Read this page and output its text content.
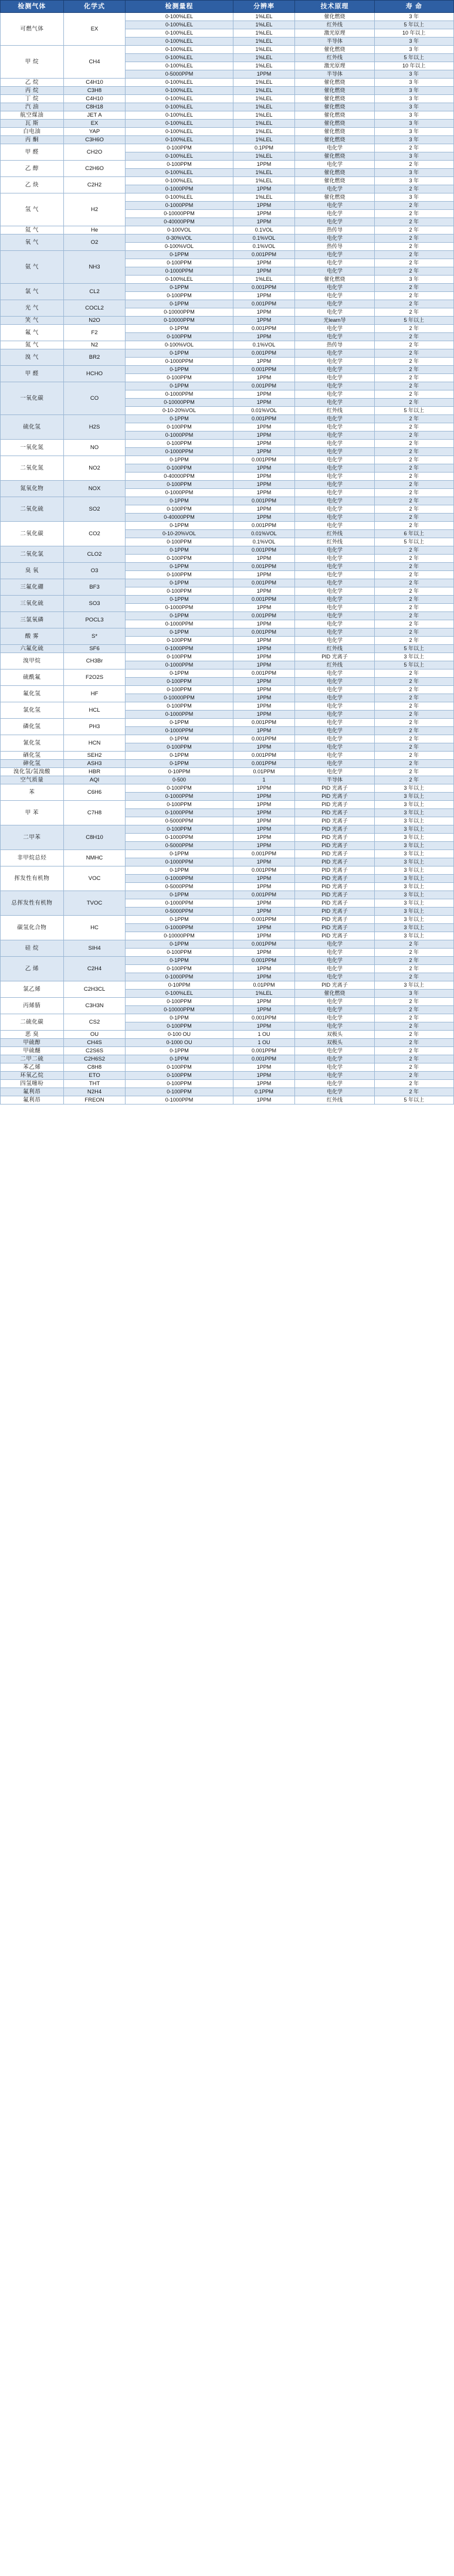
检测气体	化学式	检测量程	分辨率	技术原理	寿 命
可燃气体	EX	0-100%LEL	1%LEL	催化燃烧	3 年
		0-100%LEL	1%LEL	红外线	5 年以上
		0-100%LEL	1%LEL	激光原理	10 年以上
		0-100%LEL	1%LEL	半导体	3 年
甲 烷	CH4	0-100%LEL	1%LEL	催化燃烧	3 年
		0-100%LEL	1%LEL	红外线	5 年以上
		0-100%LEL	1%LEL	激光原理	10 年以上
		0-5000PPM	1PPM	半导体	3 年
乙 烷	C4H10	0-100%LEL	1%LEL	催化燃烧	3 年
丙 烷	C3H8	0-100%LEL	1%LEL	催化燃烧	3 年
丁 烷	C4H10	0-100%LEL	1%LEL	催化燃烧	3 年
汽 油	C8H18	0-100%LEL	1%LEL	催化燃烧	3 年
航空煤油	JET A	0-100%LEL	1%LEL	催化燃烧	3 年
瓦 斯	EX	0-100%LEL	1%LEL	催化燃烧	3 年
白电油	YAP	0-100%LEL	1%LEL	催化燃烧	3 年
丙 酮	C3H6O	0-100%LEL	1%LEL	催化燃烧	3 年
甲 醛	CH2O	0-100PPM	0.1PPM	电化学	2 年
		0-100%LEL	1%LEL	催化燃烧	3 年
乙 醇	C2H6O	0-100PPM	1PPM	电化学	2 年
		0-100%LEL	1%LEL	催化燃烧	3 年
乙 炔	C2H2	0-100%LEL	1%LEL	催化燃烧	3 年
		0-1000PPM	1PPM	电化学	2 年
氢 气	H2	0-100%LEL	1%LEL	催化燃烧	3 年
		0-1000PPM	1PPM	电化学	2 年
		0-10000PPM	1PPM	电化学	2 年
		0-40000PPM	1PPM	电化学	2 年
氦 气	He	0-100VOL	0.1VOL	热传导	2 年
氧 气	O2	0-30%VOL	0.1%VOL	电化学	2 年
		0-100%VOL	0.1%VOL	热传导	2 年
氨 气	NH3	0-1PPM	0.001PPM	电化学	2 年
		0-100PPM	1PPM	电化学	2 年
		0-1000PPM	1PPM	电化学	2 年
		0-100%LEL	1%LEL	催化燃烧	3 年
氯 气	CL2	0-1PPM	0.001PPM	电化学	2 年
		0-100PPM	1PPM	电化学	2 年
光 气	COCL2	0-1PPM	0.001PPM	电化学	2 年
		0-10000PPM	1PPM	电化学	2 年
笑 气	N2O	0-10000PPM	1PPM	光learn导	5 年以上
氟 气	F2	0-1PPM	0.001PPM	电化学	2 年
		0-100PPM	1PPM	电化学	2 年
氮 气	N2	0-100%VOL	0.1%VOL	热传导	2 年
溴 气	BR2	0-1PPM	0.001PPM	电化学	2 年
		0-1000PPM	1PPM	电化学	2 年
甲 醛	HCHO	0-1PPM	0.001PPM	电化学	2 年
		0-100PPM	1PPM	电化学	2 年
一氧化碳	CO	0-1PPM	0.001PPM	电化学	2 年
		0-1000PPM	1PPM	电化学	2 年
		0-10000PPM	1PPM	电化学	2 年
		0-10-20%VOL	0.01%VOL	红外线	5 年以上
硫化氢	H2S	0-1PPM	0.001PPM	电化学	2 年
		0-100PPM	1PPM	电化学	2 年
		0-1000PPM	1PPM	电化学	2 年
一氧化氮	NO	0-100PPM	1PPM	电化学	2 年
		0-1000PPM	1PPM	电化学	2 年
二氧化氮	NO2	0-1PPM	0.001PPM	电化学	2 年
		0-100PPM	1PPM	电化学	2 年
		0-40000PPM	1PPM	电化学	2 年
氮氧化物	NOX	0-100PPM	1PPM	电化学	2 年
		0-1000PPM	1PPM	电化学	2 年
二氧化硫	SO2	0-1PPM	0.001PPM	电化学	2 年
		0-100PPM	1PPM	电化学	2 年
		0-40000PPM	1PPM	电化学	2 年
二氧化碳	CO2	0-1PPM	0.001PPM	电化学	2 年
		0-10-20%VOL	0.01%VOL	红外线	6 年以上
		0-100PPM	0.1%VOL	红外线	5 年以上
二氧化氯	CLO2	0-1PPM	0.001PPM	电化学	2 年
		0-100PPM	1PPM	电化学	2 年
臭 氧	O3	0-1PPM	0.001PPM	电化学	2 年
		0-100PPM	1PPM	电化学	2 年
三氟化硼	BF3	0-1PPM	0.001PPM	电化学	2 年
		0-100PPM	1PPM	电化学	2 年
三氧化硫	SO3	0-1PPM	0.001PPM	电化学	2 年
		0-1000PPM	1PPM	电化学	2 年
三氯氧磷	POCL3	0-1PPM	0.001PPM	电化学	2 年
		0-1000PPM	1PPM	电化学	2 年
酸 雾	S*	0-1PPM	0.001PPM	电化学	2 年
		0-100PPM	1PPM	电化学	2 年
六氟化硫	SF6	0-1000PPM	1PPM	红外线	5 年以上
溴甲烷	CH3Br	0-100PPM	1PPM	PID 光离子	3 年以上
		0-1000PPM	1PPM	红外线	5 年以上
硫酰氟	F2O2S	0-1PPM	0.001PPM	电化学	2 年
		0-100PPM	1PPM	电化学	2 年
氟化氢	HF	0-100PPM	1PPM	电化学	2 年
		0-10000PPM	1PPM	电化学	2 年
氯化氢	HCL	0-100PPM	1PPM	电化学	2 年
		0-1000PPM	1PPM	电化学	2 年
磷化氢	PH3	0-1PPM	0.001PPM	电化学	2 年
		0-1000PPM	1PPM	电化学	2 年
氰化氢	HCN	0-1PPM	0.001PPM	电化学	2 年
		0-100PPM	1PPM	电化学	2 年
硒化氢	SEH2	0-1PPM	0.001PPM	电化学	2 年
砷化氢	ASH3	0-1PPM	0.001PPM	电化学	2 年
溴化氢/氢溴酸	HBR	0-10PPM	0.01PPM	电化学	2 年
空气质量	AQI	0-500	1	半导体	2 年
苯	C6H6	0-100PPM	1PPM	PID 光离子	3 年以上
		0-1000PPM	1PPM	PID 光离子	3 年以上
甲 苯	C7H8	0-100PPM	1PPM	PID 光离子	3 年以上
		0-1000PPM	1PPM	PID 光离子	3 年以上
		0-5000PPM	1PPM	PID 光离子	3 年以上
二甲苯	C8H10	0-100PPM	1PPM	PID 光离子	3 年以上
		0-1000PPM	1PPM	PID 光离子	3 年以上
		0-5000PPM	1PPM	PID 光离子	3 年以上
非甲烷总烃	NMHC	0-1PPM	0.001PPM	PID 光离子	3 年以上
		0-1000PPM	1PPM	PID 光离子	3 年以上
挥发性有机物	VOC	0-1PPM	0.001PPM	PID 光离子	3 年以上
		0-1000PPM	1PPM	PID 光离子	3 年以上
		0-5000PPM	1PPM	PID 光离子	3 年以上
总挥发性有机物	TVOC	0-1PPM	0.001PPM	PID 光离子	3 年以上
		0-1000PPM	1PPM	PID 光离子	3 年以上
		0-5000PPM	1PPM	PID 光离子	3 年以上
碳氢化合物	HC	0-1PPM	0.001PPM	PID 光离子	3 年以上
		0-1000PPM	1PPM	PID 光离子	3 年以上
		0-10000PPM	1PPM	PID 光离子	3 年以上
硅 烷	SIH4	0-1PPM	0.001PPM	电化学	2 年
		0-100PPM	1PPM	电化学	2 年
乙 烯	C2H4	0-1PPM	0.001PPM	电化学	2 年
		0-100PPM	1PPM	电化学	2 年
		0-1000PPM	1PPM	电化学	2 年
氯乙烯	C2H3CL	0-10PPM	0.01PPM	PID 光离子	3 年以上
		0-100%LEL	1%LEL	催化燃烧	3 年
丙烯腈	C3H3N	0-100PPM	1PPM	电化学	2 年
		0-10000PPM	1PPM	电化学	2 年
二硫化碳	CS2	0-1PPM	0.001PPM	电化学	2 年
		0-100PPM	1PPM	电化学	2 年
恶 臭	OU	0-100 OU	1 OU	双极头	2 年
甲硫醇	CH4S	0-1000 OU	1 OU	双极头	2 年
甲硫醚	C2S6S	0-1PPM	0.001PPM	电化学	2 年
二甲二硫	C2H6S2	0-1PPM	0.001PPM	电化学	2 年
苯乙烯	C8H8	0-100PPM	1PPM	电化学	2 年
环氧乙烷	ETO	0-100PPM	1PPM	电化学	2 年
四氢噻吩	THT	0-100PPM	1PPM	电化学	2 年
氟利昂	N2H4	0-100PPM	0.1PPM	电化学	2 年
氟利昂	FREON	0-1000PPM	1PPM	红外线	5 年以上
